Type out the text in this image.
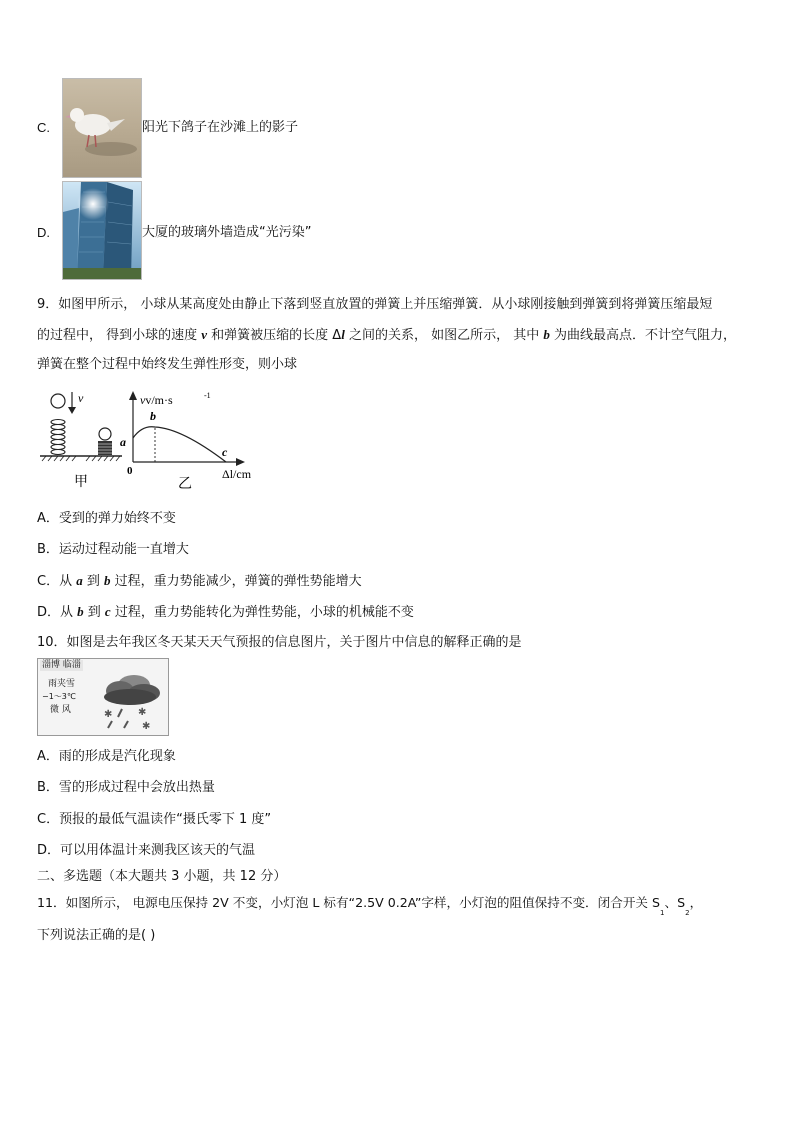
C.	阳光下鸽子在沙滩上的影子
D.	大厦的玻璃外墙造成“光污染”
9．如图甲所示， 小球从某高度处由静止下落到竖直放置的弹簧上并压缩弹簧．从小球刚接触到弹簧到将弹簧压缩最短
的过程中， 得到小球的速度 v 和弹簧被压缩的长度 Δl 之间的关系， 如图乙所示， 其中 b 为曲线最高点．不计空气阻力，
弹簧在整个过程中始终发生弹性形变，则小球
v
甲
vv/m·s	-1
a
b
c
0	Δl/cm
乙
A．受到的弹力始终不变
B．运动过程动能一直增大
C．从 a 到 b 过程，重力势能减少，弹簧的弹性势能增大
D．从 b 到 c 过程，重力势能转化为弹性势能，小球的机械能不变
10．如图是去年我区冬天某天天气预报的信息图片，关于图片中信息的解释正确的是
淄博 临淄
雨夹雪
−1～3℃
微 风	✱	✱
✱
A．雨的形成是汽化现象
B．雪的形成过程中会放出热量
C．预报的最低气温读作“摄氏零下 1 度”
D．可以用体温计来测我区该天的气温
二、多选题（本大题共 3 小题，共 12 分）
11．如图所示， 电源电压保持 2V 不变，小灯泡 L 标有“2.5V 0.2A”字样，小灯泡的阻值保持不变．闭合开关 $S_1$、$S_2$，
下列说法正确的是( )
